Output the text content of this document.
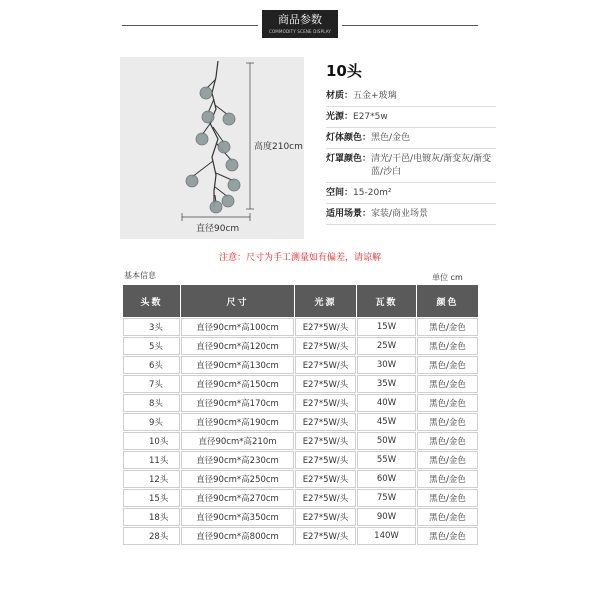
商品参数
COMMODITY SCENE DISPLAY
高度210cm
直径90cm
10头
材质： 五金+玻璃
光源： E27*5w
灯体颜色： 黑色/金色
灯罩颜色： 清光/干邑/电镀灰/渐变灰/渐变蓝/沙白
空间： 15-20m²
适用场景： 家装/商业场景
注意：尺寸为手工测量如有偏差，请谅解
基本信息	单位 cm
头数	尺寸	光源	瓦数	颜色
3头	直径90cm*高100cm	E27*5W/头	15W	黑色/金色
5头	直径90cm*高120cm	E27*5W/头	25W	黑色/金色
6头	直径90cm*高130cm	E27*5W/头	30W	黑色/金色
7头	直径90cm*高150cm	E27*5W/头	35W	黑色/金色
8头	直径90cm*高170cm	E27*5W/头	40W	黑色/金色
9头	直径90cm*高190cm	E27*5W/头	45W	黑色/金色
10头	直径90cm*高210m	E27*5W/头	50W	黑色/金色
11头	直径90cm*高230cm	E27*5W/头	55W	黑色/金色
12头	直径90cm*高250cm	E27*5W/头	60W	黑色/金色
15头	直径90cm*高270cm	E27*5W/头	75W	黑色/金色
18头	直径90cm*高350cm	E27*5W/头	90W	黑色/金色
28头	直径90cm*高800cm	E27*5W/头	140W	黑色/金色
